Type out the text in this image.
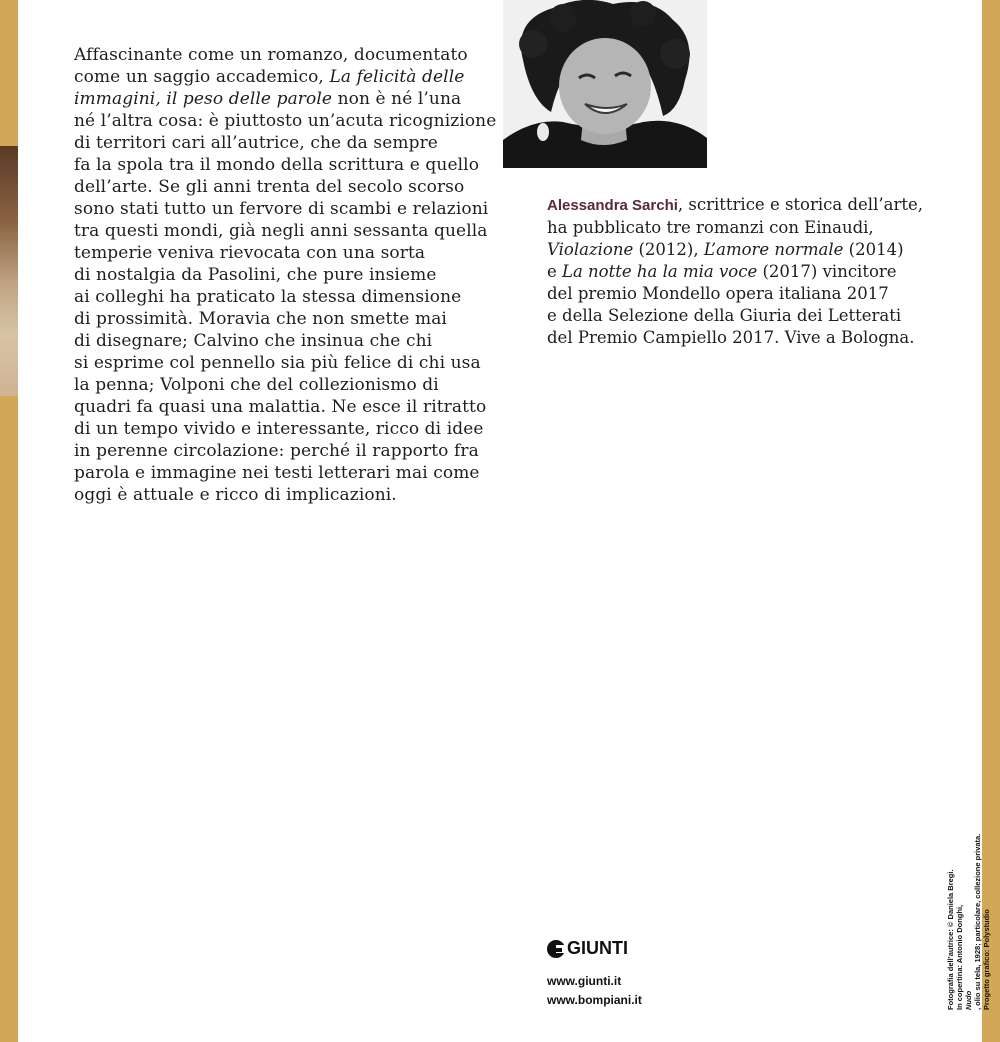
Affascinante come un romanzo, documentato
come un saggio accademico, La felicità delle
immagini, il peso delle parole non è né l’una
né l’altra cosa: è piuttosto un’acuta ricognizione
di territori cari all’autrice, che da sempre
fa la spola tra il mondo della scrittura e quello
dell’arte. Se gli anni trenta del secolo scorso
sono stati tutto un fervore di scambi e relazioni
tra questi mondi, già negli anni sessanta quella
temperie veniva rievocata con una sorta
di nostalgia da Pasolini, che pure insieme
ai colleghi ha praticato la stessa dimensione
di prossimità. Moravia che non smette mai
di disegnare; Calvino che insinua che chi
si esprime col pennello sia più felice di chi usa
la penna; Volponi che del collezionismo di
quadri fa quasi una malattia. Ne esce il ritratto
di un tempo vivido e interessante, ricco di idee
in perenne circolazione: perché il rapporto fra
parola e immagine nei testi letterari mai come
oggi è attuale e ricco di implicazioni.
Alessandra Sarchi, scrittrice e storica dell’arte,
ha pubblicato tre romanzi con Einaudi,
Violazione (2012), L’amore normale (2014)
e La notte ha la mia voce (2017) vincitore
del premio Mondello opera italiana 2017
e della Selezione della Giuria dei Letterati
del Premio Campiello 2017. Vive a Bologna.
GIUNTI
www.giunti.it
www.bompiani.it	Fotografia dell’autrice: © Daniela Bregi. In copertina: Antonio Donghi, Nudo , olio su tela, 1928; particolare, collezione privata. Progetto grafico: Polystudio
